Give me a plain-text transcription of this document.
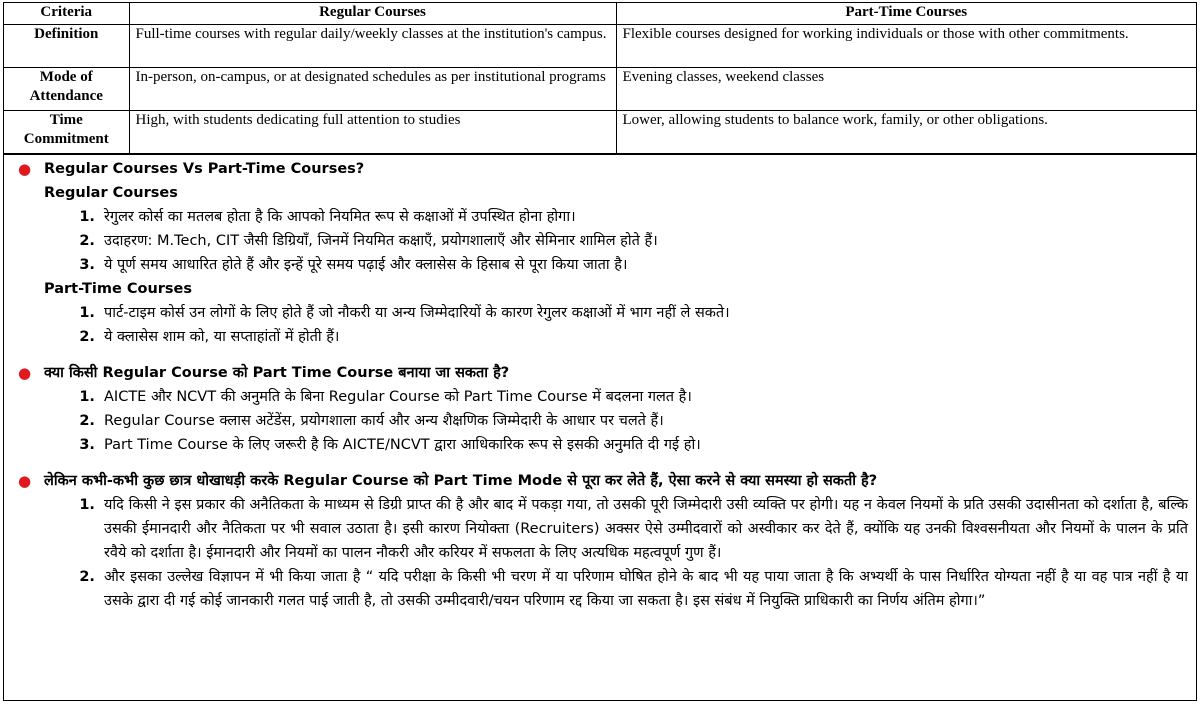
Criteria	Regular Courses	Part-Time Courses
Definition	Full-time courses with regular daily/weekly classes at the institution's campus.	Flexible courses designed for working individuals or those with other commitments.
Mode of Attendance	In-person, on-campus, or at designated schedules as per institutional programs	Evening classes, weekend classes
Time Commitment	High, with students dedicating full attention to studies	Lower, allowing students to balance work, family, or other obligations.
● Regular Courses Vs Part-Time Courses?
Regular Courses
1. रेगुलर कोर्स का मतलब होता है कि आपको नियमित रूप से कक्षाओं में उपस्थित होना होगा।
2. उदाहरण: M.Tech, CIT जैसी डिग्रियाँ, जिनमें नियमित कक्षाएँ, प्रयोगशालाएँ और सेमिनार शामिल होते हैं।
3. ये पूर्ण समय आधारित होते हैं और इन्हें पूरे समय पढ़ाई और क्लासेस के हिसाब से पूरा किया जाता है।
Part-Time Courses
1. पार्ट-टाइम कोर्स उन लोगों के लिए होते हैं जो नौकरी या अन्य जिम्मेदारियों के कारण रेगुलर कक्षाओं में भाग नहीं ले सकते।
2. ये क्लासेस शाम को, या सप्ताहांतों में होती हैं।
● क्या किसी Regular Course को Part Time Course बनाया जा सकता है?
1. AICTE और NCVT की अनुमति के बिना Regular Course को Part Time Course में बदलना गलत है।
2. Regular Course क्लास अटेंडेंस, प्रयोगशाला कार्य और अन्य शैक्षणिक जिम्मेदारी के आधार पर चलते हैं।
3. Part Time Course के लिए जरूरी है कि AICTE/NCVT द्वारा आधिकारिक रूप से इसकी अनुमति दी गई हो।
● लेकिन कभी-कभी कुछ छात्र धोखाधड़ी करके Regular Course को Part Time Mode से पूरा कर लेते हैं, ऐसा करने से क्या समस्या हो सकती है?
1. यदि किसी ने इस प्रकार की अनैतिकता के माध्यम से डिग्री प्राप्त की है और बाद में पकड़ा गया, तो उसकी पूरी जिम्मेदारी उसी व्यक्ति पर होगी। यह न केवल नियमों के प्रति उसकी उदासीनता को दर्शाता है, बल्कि उसकी ईमानदारी और नैतिकता पर भी सवाल उठाता है। इसी कारण नियोक्ता (Recruiters) अक्सर ऐसे उम्मीदवारों को अस्वीकार कर देते हैं, क्योंकि यह उनकी विश्वसनीयता और नियमों के पालन के प्रति रवैये को दर्शाता है। ईमानदारी और नियमों का पालन नौकरी और करियर में सफलता के लिए अत्यधिक महत्वपूर्ण गुण हैं।
2. और इसका उल्लेख विज्ञापन में भी किया जाता है “ यदि परीक्षा के किसी भी चरण में या परिणाम घोषित होने के बाद भी यह पाया जाता है कि अभ्यर्थी के पास निर्धारित योग्यता नहीं है या वह पात्र नहीं है या उसके द्वारा दी गई कोई जानकारी गलत पाई जाती है, तो उसकी उम्मीदवारी/चयन परिणाम रद्द किया जा सकता है। इस संबंध में नियुक्ति प्राधिकारी का निर्णय अंतिम होगा।”
